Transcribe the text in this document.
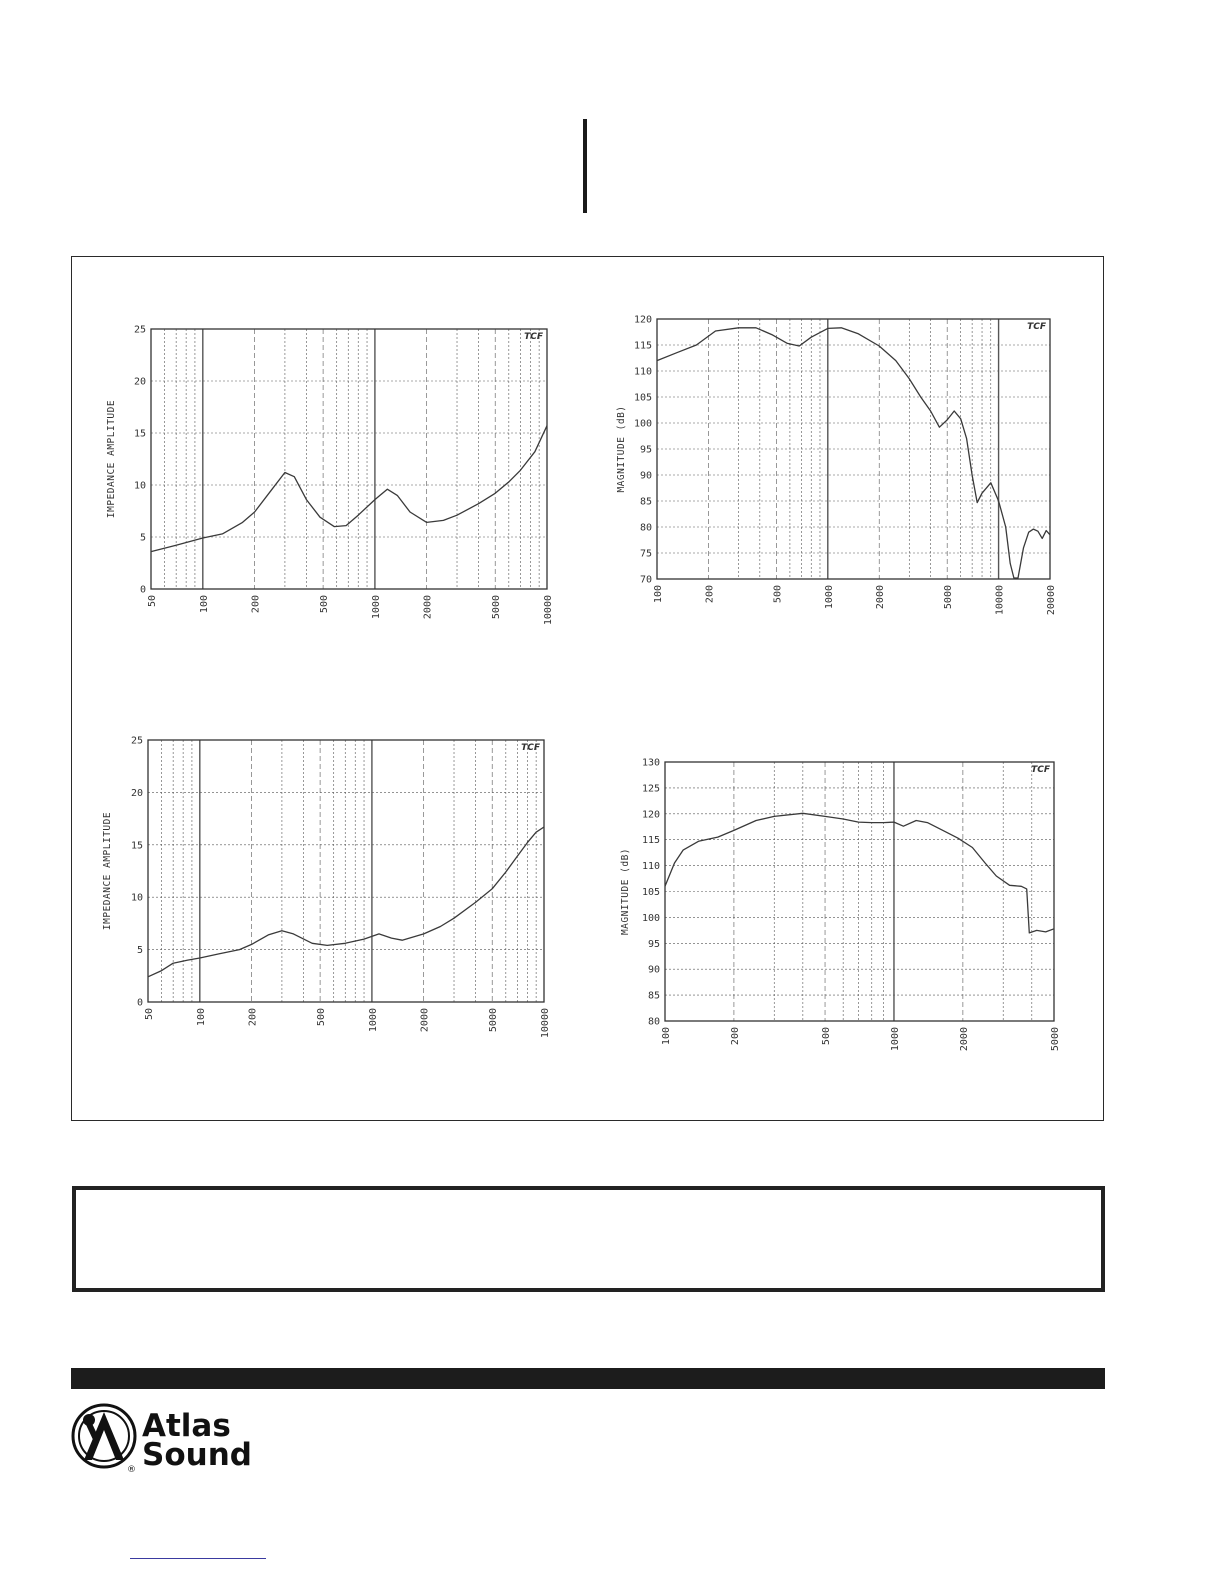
0
5
10
15
20
25
50	100	200	500	1000	2000	5000	10000
IMPEDANCE AMPLITUDE
TCF
70
75
80
85
90
95
100
105
110
115
120
100	200	500	1000	2000	5000	10000	20000
MAGNITUDE (dB)
TCF
0
5
10
15
20
25
50	100	200	500	1000	2000	5000	10000
IMPEDANCE AMPLITUDE
TCF
80
85
90
95
100
105
110
115
120
125
130
100	200	500	1000	2000	5000
MAGNITUDE (dB)
TCF
Atlas
Sound
®
